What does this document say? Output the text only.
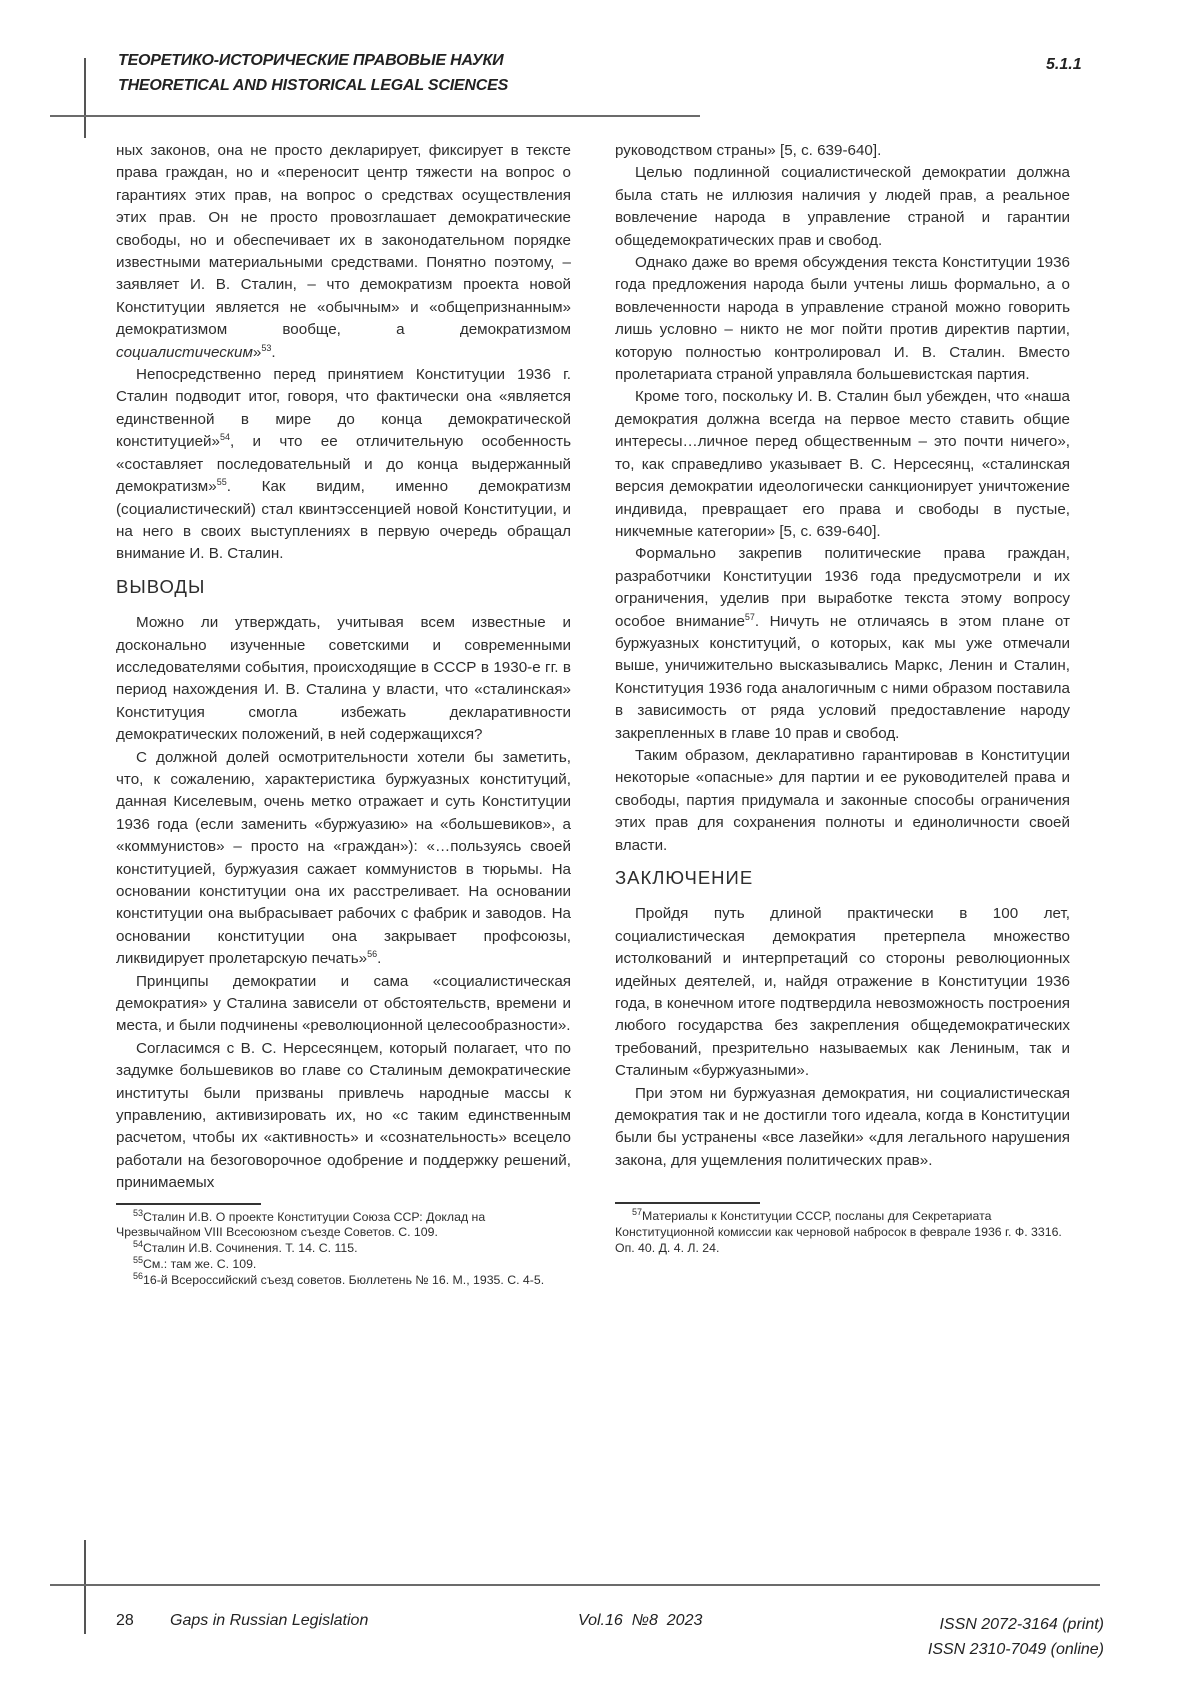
ТЕОРЕТИКО-ИСТОРИЧЕСКИЕ ПРАВОВЫЕ НАУКИ
THEORETICAL AND HISTORICAL LEGAL SCIENCES
5.1.1

ных законов, она не просто декларирует, фиксирует в тексте права граждан, но и «переносит центр тяжести на вопрос о гарантиях этих прав, на вопрос о средствах осуществления этих прав. Он не просто провозглашает демократические свободы, но и обеспечивает их в законодательном порядке известными материальными средствами. Понятно поэтому, – заявляет И. В. Сталин, – что демократизм проекта новой Конституции является не «обычным» и «общепризнанным» демократизмом вообще, а демократизмом социалистическим»$^{53}$.

Непосредственно перед принятием Конституции 1936 г. Сталин подводит итог, говоря, что фактически она «является единственной в мире до конца демократической конституцией»$^{54}$, и что ее отличительную особенность «составляет последовательный и до конца выдержанный демократизм»$^{55}$. Как видим, именно демократизм (социалистический) стал квинтэссенцией новой Конституции, и на него в своих выступлениях в первую очередь обращал внимание И. В. Сталин.

ВЫВОДЫ

Можно ли утверждать, учитывая всем известные и досконально изученные советскими и современными исследователями события, происходящие в СССР в 1930-е гг. в период нахождения И. В. Сталина у власти, что «сталинская» Конституция смогла избежать декларативности демократических положений, в ней содержащихся?

С должной долей осмотрительности хотели бы заметить, что, к сожалению, характеристика буржуазных конституций, данная Киселевым, очень метко отражает и суть Конституции 1936 года (если заменить «буржуазию» на «большевиков», а «коммунистов» – просто на «граждан»): «…пользуясь своей конституцией, буржуазия сажает коммунистов в тюрьмы. На основании конституции она их расстреливает. На основании конституции она выбрасывает рабочих с фабрик и заводов. На основании конституции она закрывает профсоюзы, ликвидирует пролетарскую печать»$^{56}$.

Принципы демократии и сама «социалистическая демократия» у Сталина зависели от обстоятельств, времени и места, и были подчинены «революционной целесообразности».

Согласимся с В. С. Нерсесянцем, который полагает, что по задумке большевиков во главе со Сталиным демократические институты были призваны привлечь народные массы к управлению, активизировать их, но «с таким единственным расчетом, чтобы их «активность» и «сознательность» всецело работали на безоговорочное одобрение и поддержку решений, принимаемых

$^{53}$Сталин И.В. О проекте Конституции Союза ССР: Доклад на Чрезвычайном VIII Всесоюзном съезде Советов. С. 109.
$^{54}$Сталин И.В. Сочинения. Т. 14. С. 115.
$^{55}$См.: там же. С. 109.
$^{56}$16-й Всероссийский съезд советов. Бюллетень № 16. М., 1935. С. 4-5.

руководством страны» [5, с. 639-640].

Целью подлинной социалистической демократии должна была стать не иллюзия наличия у людей прав, а реальное вовлечение народа в управление страной и гарантии общедемократических прав и свобод.

Однако даже во время обсуждения текста Конституции 1936 года предложения народа были учтены лишь формально, а о вовлеченности народа в управление страной можно говорить лишь условно – никто не мог пойти против директив партии, которую полностью контролировал И. В. Сталин. Вместо пролетариата страной управляла большевистская партия.

Кроме того, поскольку И. В. Сталин был убежден, что «наша демократия должна всегда на первое место ставить общие интересы…личное перед общественным – это почти ничего», то, как справедливо указывает В. С. Нерсесянц, «сталинская версия демократии идеологически санкционирует уничтожение индивида, превращает его права и свободы в пустые, никчемные категории» [5, с. 639-640].

Формально закрепив политические права граждан, разработчики Конституции 1936 года предусмотрели и их ограничения, уделив при выработке текста этому вопросу особое внимание$^{57}$. Ничуть не отличаясь в этом плане от буржуазных конституций, о которых, как мы уже отмечали выше, уничижительно высказывались Маркс, Ленин и Сталин, Конституция 1936 года аналогичным с ними образом поставила в зависимость от ряда условий предоставление народу закрепленных в главе 10 прав и свобод.

Таким образом, декларативно гарантировав в Конституции некоторые «опасные» для партии и ее руководителей права и свободы, партия придумала и законные способы ограничения этих прав для сохранения полноты и единоличности своей власти.

ЗАКЛЮЧЕНИЕ

Пройдя путь длиной практически в 100 лет, социалистическая демократия претерпела множество истолкований и интерпретаций со стороны революционных идейных деятелей, и, найдя отражение в Конституции 1936 года, в конечном итоге подтвердила невозможность построения любого государства без закрепления общедемократических требований, презрительно называемых как Лениным, так и Сталиным «буржуазными».

При этом ни буржуазная демократия, ни социалистическая демократия так и не достигли того идеала, когда в Конституции были бы устранены «все лазейки» «для легального нарушения закона, для ущемления политических прав».

$^{57}$Материалы к Конституции СССР, посланы для Секретариата Конституционной комиссии как черновой набросок в феврале 1936 г. Ф. 3316. Оп. 40. Д. 4. Л. 24.
28 Gaps in Russian Legislation	Vol.16  №8  2023	ISSN 2072-3164 (print)
ISSN 2310-7049 (online)
